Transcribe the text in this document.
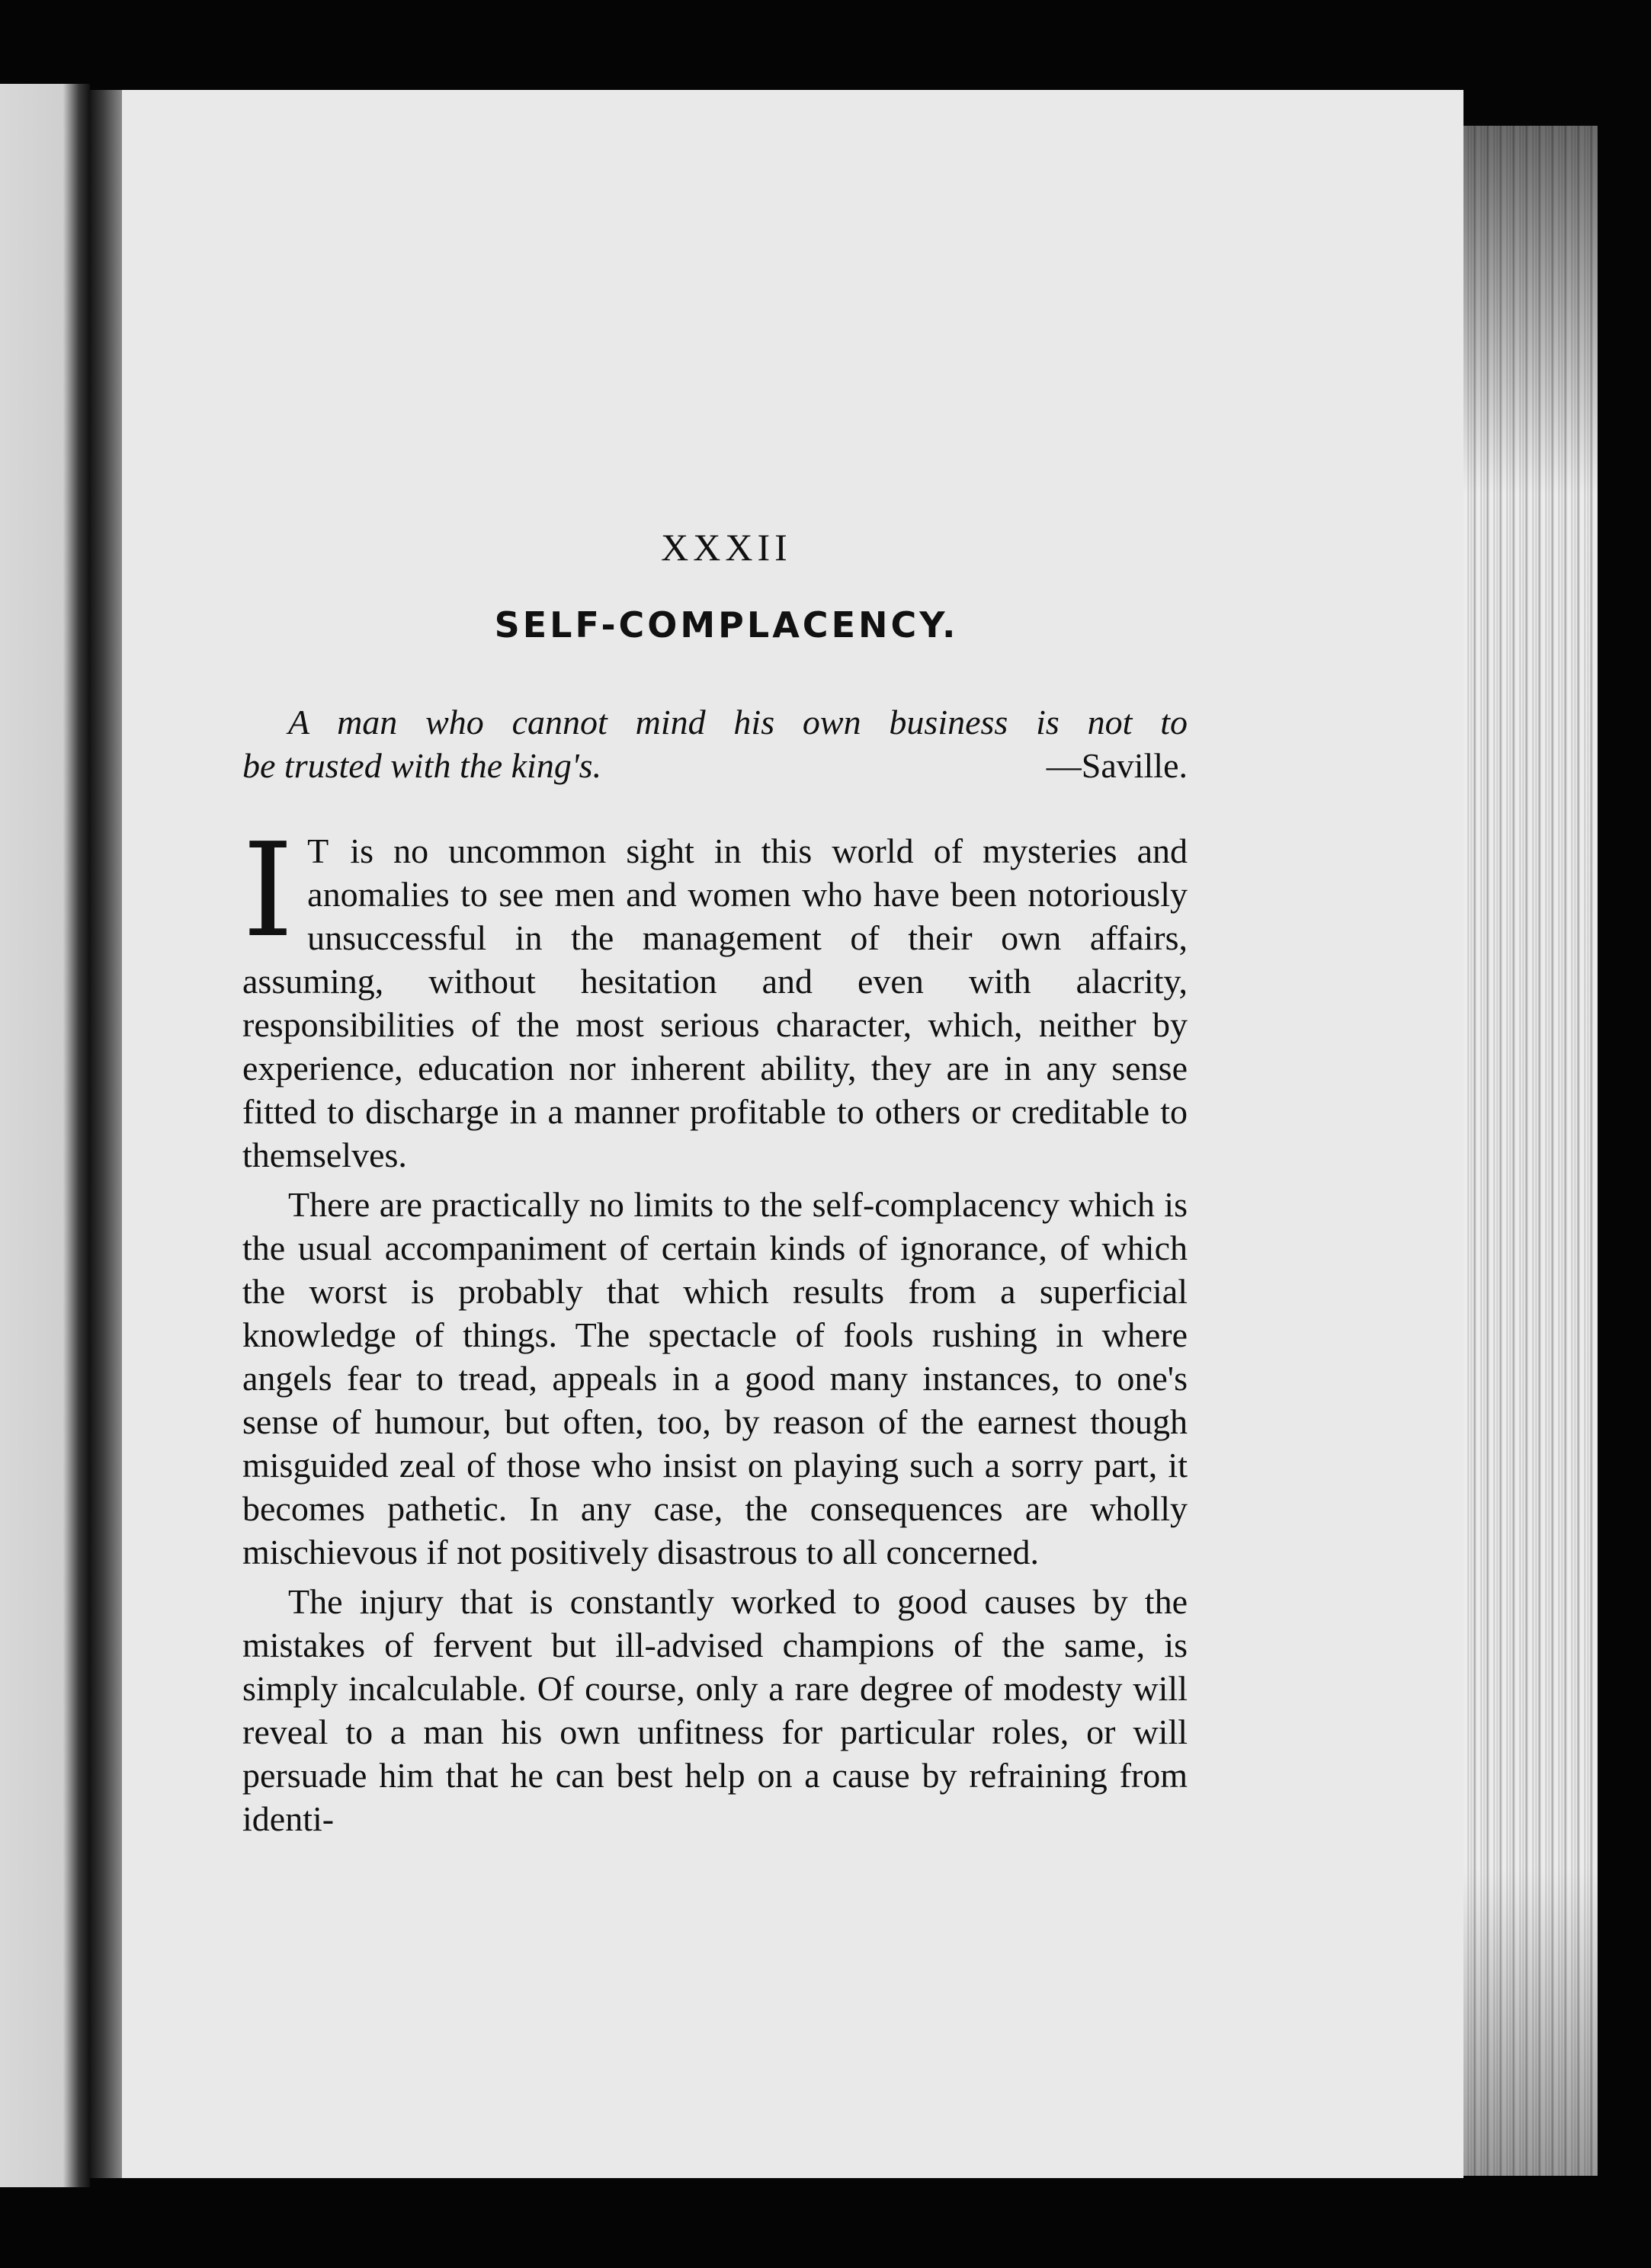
XXXII
SELF-COMPLACENCY.
A man who cannot mind his own business is not to
be trusted with the king's.	—Saville.

I T is no uncommon sight in this world of mysteries and anomalies to see men and women who have been notoriously unsuccessful in the management of their own affairs, assuming, without hesitation and even with alacrity, responsibilities of the most serious character, which, neither by experience, education nor inherent ability, they are in any sense fitted to discharge in a manner profitable to others or creditable to themselves.

There are practically no limits to the self-complacency which is the usual accompaniment of certain kinds of ignorance, of which the worst is probably that which results from a superficial knowledge of things. The spectacle of fools rushing in where angels fear to tread, appeals in a good many instances, to one's sense of humour, but often, too, by reason of the earnest though misguided zeal of those who insist on playing such a sorry part, it becomes pathetic. In any case, the consequences are wholly mischievous if not positively disastrous to all concerned.

The injury that is constantly worked to good causes by the mistakes of fervent but ill-advised champions of the same, is simply incalculable. Of course, only a rare degree of modesty will reveal to a man his own unfitness for particular roles, or will persuade him that he can best help on a cause by refraining from identi-
